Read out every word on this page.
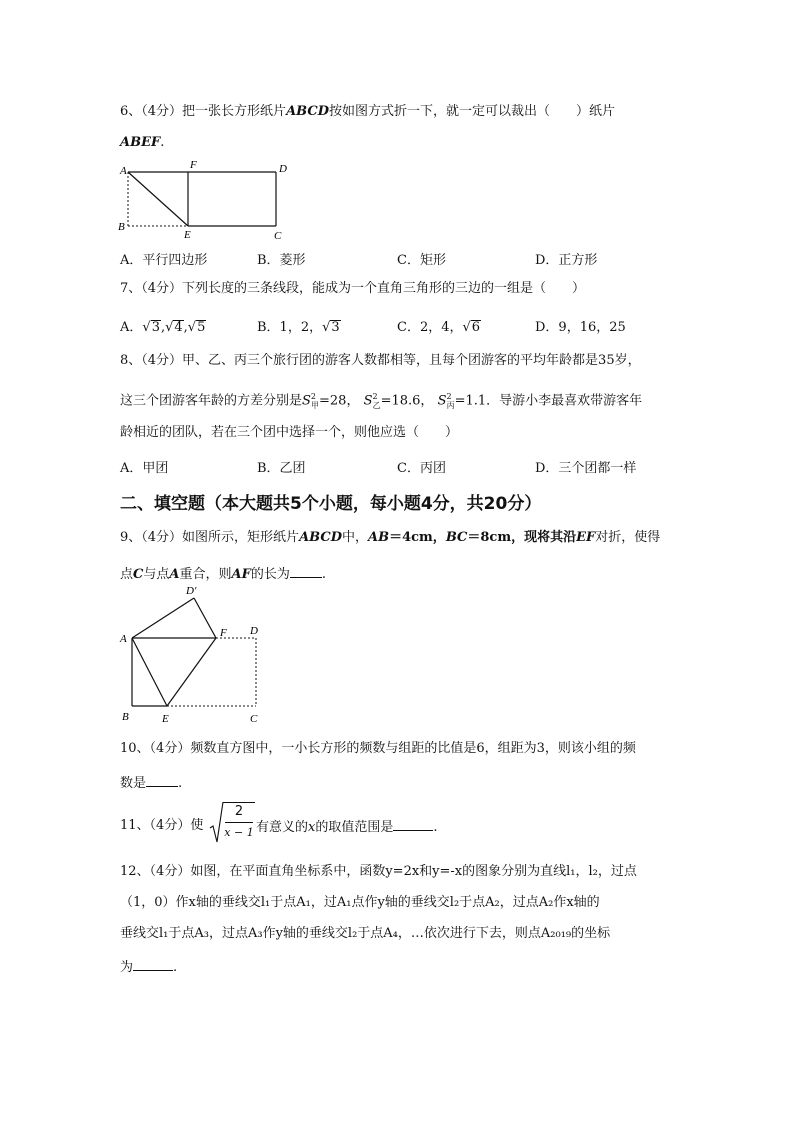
6、（4分）把一张长方形纸片ABCD按如图方式折一下，就一定可以裁出（　　）纸片
ABEF.
A
B
E
F	D
C
A．平行四边形	B．菱形	C．矩形	D．正方形
7、（4分）下列长度的三条线段，能成为一个直角三角形的三边的一组是（　　）
A．√3,√4,√5	B．1，2，√3	C．2，4，√6	D．9，16，25
8、（4分）甲、乙、丙三个旅行团的游客人数都相等，且每个团游客的平均年龄都是35岁，
这三个团游客年龄的方差分别是$S^2_甲=28$， $S^2_乙=18.6$， $S^2_丙=1.1$．导游小李最喜欢带游客年
龄相近的团队，若在三个团中选择一个，则他应选（　　）
A．甲团	B．乙团	C．丙团	D．三个团都一样
二、填空题（本大题共5个小题，每小题4分，共20分）
9、（4分）如图所示，矩形纸片ABCD中，AB＝4cm，BC＝8cm，现将其沿EF对折，使得
点C与点A重合，则AF的长为 .
D′
A	F D
B	E	C
10、（4分）频数直方图中，一小长方形的频数与组距的比值是6，组距为3，则该小组的频
数是 .
11、（4分）使
2
x − 1 有意义的x的取值范围是	.
12、（4分）如图，在平面直角坐标系中，函数y=2x和y=-x的图象分别为直线l₁，l₂，过点
（1，0）作x轴的垂线交l₁于点A₁，过A₁点作y轴的垂线交l₂于点A₂，过点A₂作x轴的
垂线交l₁于点A₃，过点A₃作y轴的垂线交l₂于点A₄，…依次进行下去，则点A₂₀₁₉的坐标
为	.
